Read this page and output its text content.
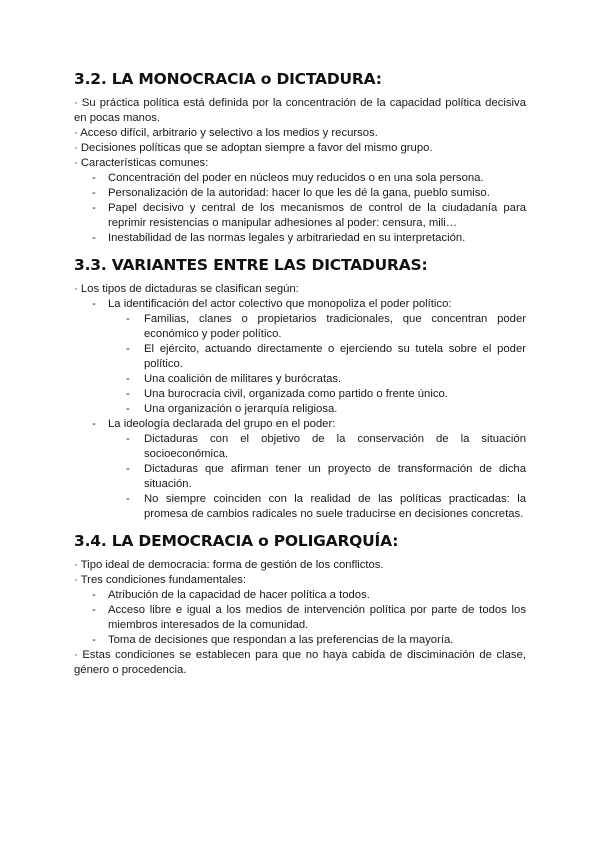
3.2. LA MONOCRACIA o DICTADURA:

· Su práctica política está definida por la concentración de la capacidad política decisiva en pocas manos.

· Acceso difícil, arbitrario y selectivo a los medios y recursos.

· Decisiones políticas que se adoptan siempre a favor del mismo grupo.

· Características comunes:

- Concentración del poder en núcleos muy reducidos o en una sola persona.
- Personalización de la autoridad: hacer lo que les dé la gana, pueblo sumiso.
- Papel decisivo y central de los mecanismos de control de la ciudadanía para reprimir resistencias o manipular adhesiones al poder: censura, mili…
- Inestabilidad de las normas legales y arbitrariedad en su interpretación.
3.3. VARIANTES ENTRE LAS DICTADURAS:

· Los tipos de dictaduras se clasifican según:

- La identificación del actor colectivo que monopoliza el poder político:
- Familias, clanes o propietarios tradicionales, que concentran poder económico y poder político.
- El ejército, actuando directamente o ejerciendo su tutela sobre el poder político.
- Una coalición de militares y burócratas.
- Una burocracia civil, organizada como partido o frente único.
- Una organización o jerarquía religiosa.
- La ideología declarada del grupo en el poder:
- Dictaduras con el objetivo de la conservación de la situación socioeconómica.
- Dictaduras que afirman tener un proyecto de transformación de dicha situación.
- No siempre coinciden con la realidad de las políticas practicadas: la promesa de cambios radicales no suele traducirse en decisiones concretas.
3.4. LA DEMOCRACIA o POLIGARQUÍA:

· Tipo ideal de democracia: forma de gestión de los conflictos.

· Tres condiciones fundamentales:

- Atribución de la capacidad de hacer política a todos.
- Acceso libre e igual a los medios de intervención política por parte de todos los miembros interesados de la comunidad.
- Toma de decisiones que respondan a las preferencias de la mayoría.

· Estas condiciones se establecen para que no haya cabida de disciminación de clase, género o procedencia.
